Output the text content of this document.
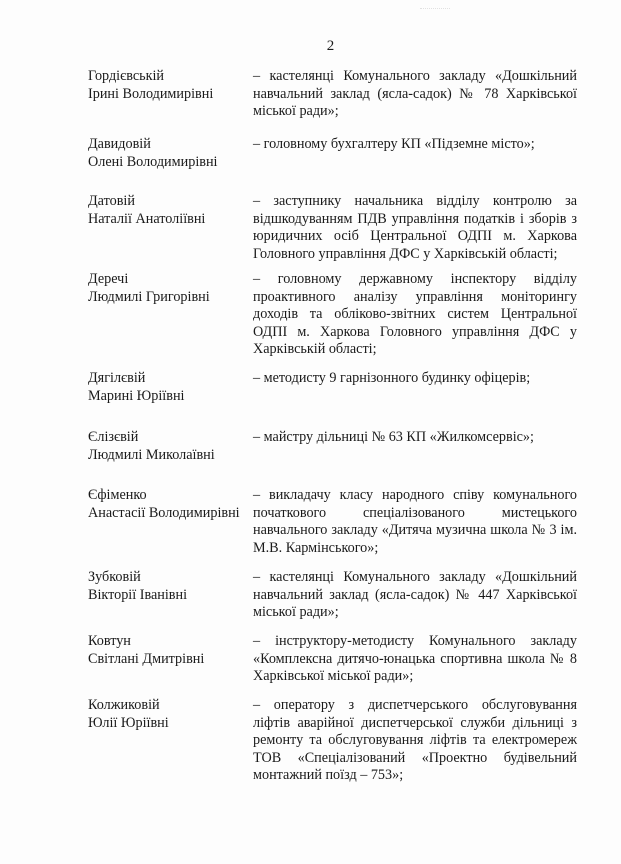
2
Гордієвській
Ірині Володимирівні
– кастелянці Комунального закладу «Дошкільний навчальний заклад (ясла-садок) № 78 Харківської міської ради»;
Давидовій
Олені Володимирівні
– головному бухгалтеру КП «Підземне місто»;
Датовій
Наталії Анатоліївні
– заступнику начальника відділу контролю за відшкодуванням ПДВ управління податків і зборів з юридичних осіб Центральної ОДПІ м. Харкова Головного управління ДФС у Харківській області;
Деречі
Людмилі Григорівні
– головному державному інспектору відділу проактивного аналізу управління моніторингу доходів та обліково-звітних систем Центральної ОДПІ м. Харкова Головного управління ДФС у Харківській області;
Дягілєвій
Марині Юріївні
– методисту 9 гарнізонного будинку офіцерів;
Єлізєвій
Людмилі Миколаївні
– майстру дільниці № 63 КП «Жилкомсервіс»;
Єфіменко
Анастасії Володимирівні
– викладачу класу народного співу комунального початкового спеціалізованого мистецького навчального закладу «Дитяча музична школа № 3 ім. М.В. Кармінського»;
Зубковій
Вікторії Іванівні
– кастелянці Комунального закладу «Дошкільний навчальний заклад (ясла-садок) № 447 Харківської міської ради»;
Ковтун
Світлані Дмитрівні
– інструктору-методисту Комунального закладу «Комплексна дитячо-юнацька спортивна школа № 8 Харківської міської ради»;
Колжиковій
Юлії Юріївні
– оператору з диспетчерського обслуговування ліфтів аварійної диспетчерської служби дільниці з ремонту та обслуговування ліфтів та електромереж ТОВ «Спеціалізований «Проектно будівельний монтажний поїзд – 753»;
